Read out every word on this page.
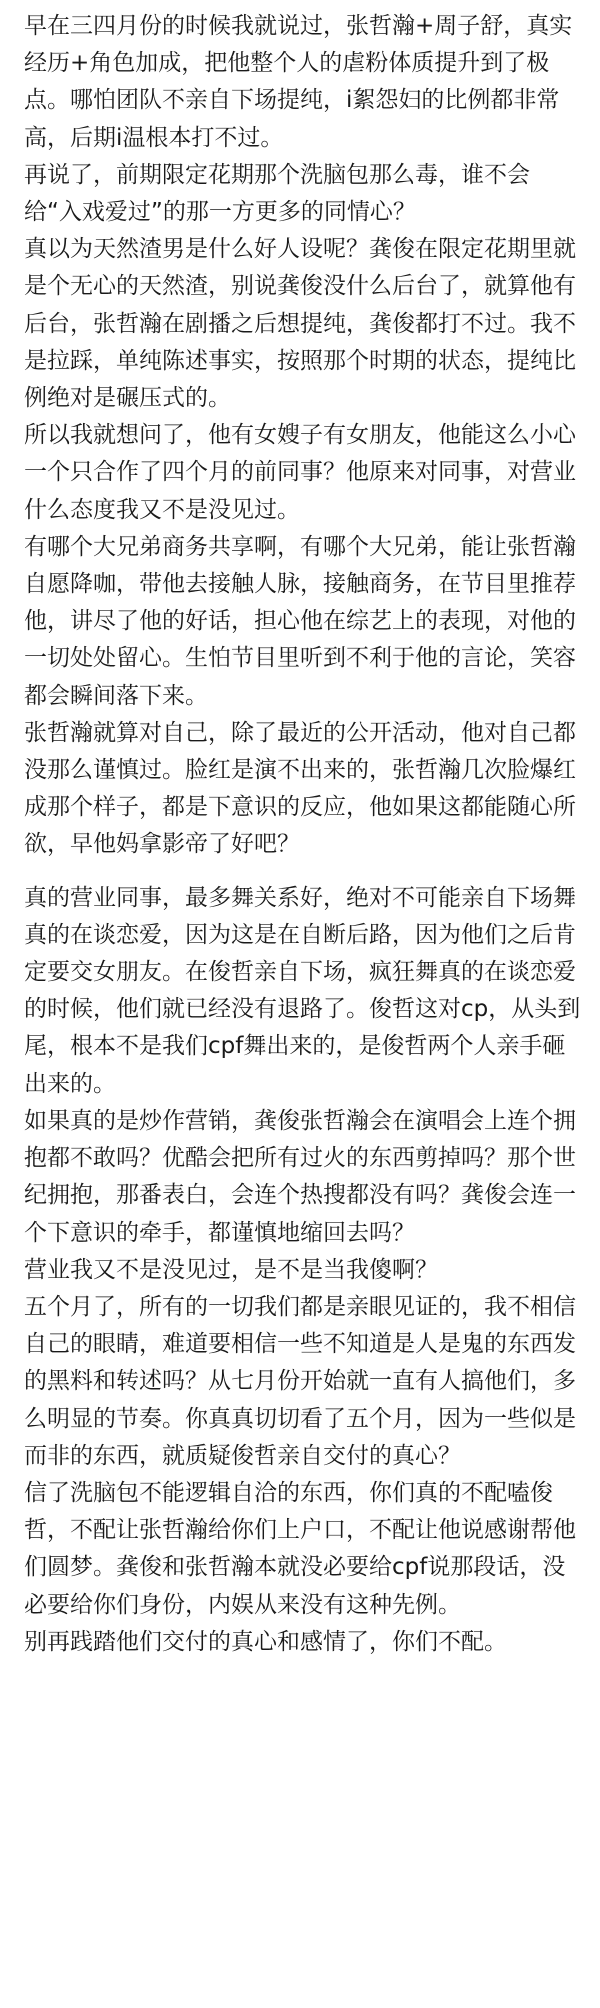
早在三四月份的时候我就说过，张哲瀚+周子舒，真实经历+角色加成，把他整个人的虐粉体质提升到了极点。哪怕团队不亲自下场提纯，i絮怨妇的比例都非常高，后期i温根本打不过。

再说了，前期限定花期那个洗脑包那么毒，谁不会给“入戏爱过”的那一方更多的同情心？

真以为天然渣男是什么好人设呢？龚俊在限定花期里就是个无心的天然渣，别说龚俊没什么后台了，就算他有后台，张哲瀚在剧播之后想提纯，龚俊都打不过。我不是拉踩，单纯陈述事实，按照那个时期的状态，提纯比例绝对是碾压式的。

所以我就想问了，他有女嫂子有女朋友，他能这么小心一个只合作了四个月的前同事？他原来对同事，对营业什么态度我又不是没见过。

有哪个大兄弟商务共享啊，有哪个大兄弟，能让张哲瀚自愿降咖，带他去接触人脉，接触商务，在节目里推荐他，讲尽了他的好话，担心他在综艺上的表现，对他的一切处处留心。生怕节目里听到不利于他的言论，笑容都会瞬间落下来。

张哲瀚就算对自己，除了最近的公开活动，他对自己都没那么谨慎过。脸红是演不出来的，张哲瀚几次脸爆红成那个样子，都是下意识的反应，他如果这都能随心所欲，早他妈拿影帝了好吧？

真的营业同事，最多舞关系好，绝对不可能亲自下场舞真的在谈恋爱，因为这是在自断后路，因为他们之后肯定要交女朋友。在俊哲亲自下场，疯狂舞真的在谈恋爱的时候，他们就已经没有退路了。俊哲这对cp，从头到尾，根本不是我们cpf舞出来的，是俊哲两个人亲手砸出来的。

如果真的是炒作营销，龚俊张哲瀚会在演唱会上连个拥抱都不敢吗？优酷会把所有过火的东西剪掉吗？那个世纪拥抱，那番表白，会连个热搜都没有吗？龚俊会连一个下意识的牵手，都谨慎地缩回去吗？

营业我又不是没见过，是不是当我傻啊？

五个月了，所有的一切我们都是亲眼见证的，我不相信自己的眼睛，难道要相信一些不知道是人是鬼的东西发的黑料和转述吗？从七月份开始就一直有人搞他们，多么明显的节奏。你真真切切看了五个月，因为一些似是而非的东西，就质疑俊哲亲自交付的真心？

信了洗脑包不能逻辑自洽的东西，你们真的不配嗑俊哲，不配让张哲瀚给你们上户口，不配让他说感谢帮他们圆梦。龚俊和张哲瀚本就没必要给cpf说那段话，没必要给你们身份，内娱从来没有这种先例。

别再践踏他们交付的真心和感情了，你们不配。
